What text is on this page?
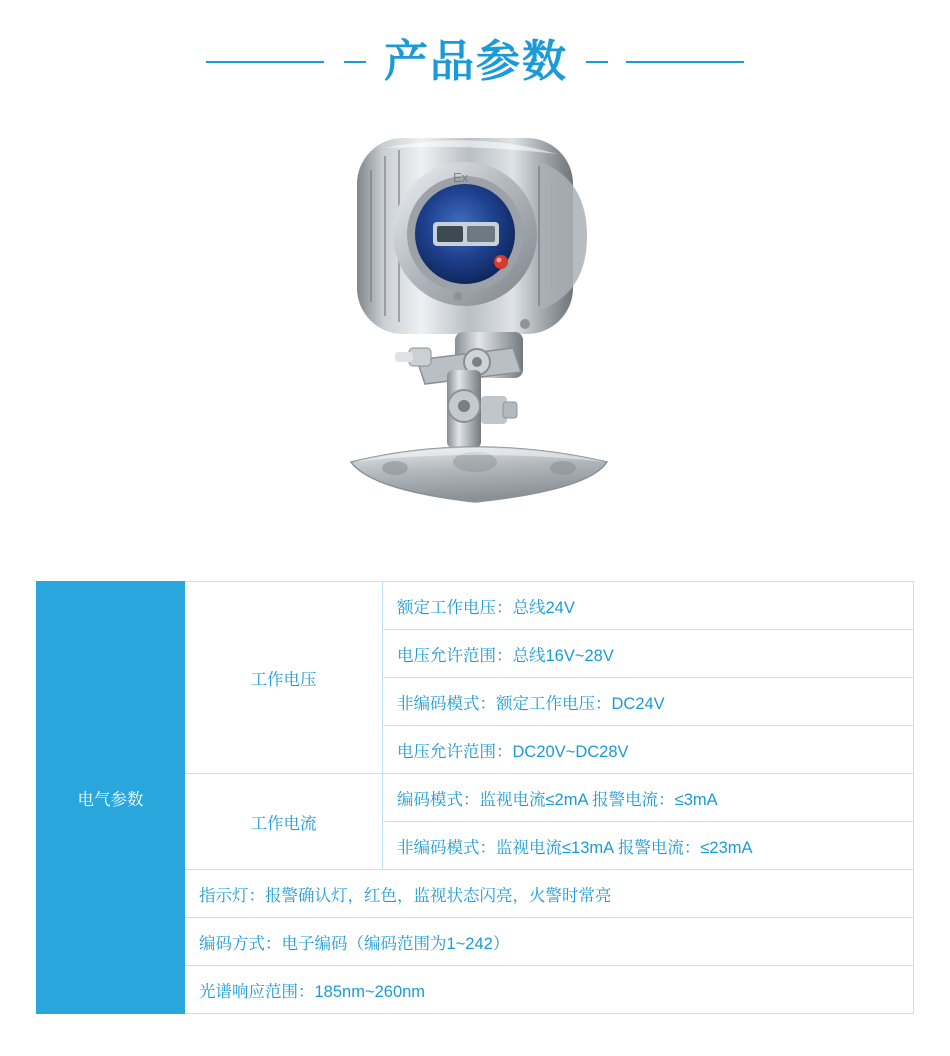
产品参数
Ex
⊗
电气参数	工作电压	额定工作电压：总线24V
		电压允许范围：总线16V~28V
		非编码模式：额定工作电压：DC24V
		电压允许范围：DC20V~DC28V
	工作电流	编码模式：监视电流≤2mA 报警电流：≤3mA
		非编码模式：监视电流≤13mA 报警电流：≤23mA
	指示灯：报警确认灯，红色，监视状态闪亮，火警时常亮	
	编码方式：电子编码（编码范围为1~242）	
	光谱响应范围：185nm~260nm	
